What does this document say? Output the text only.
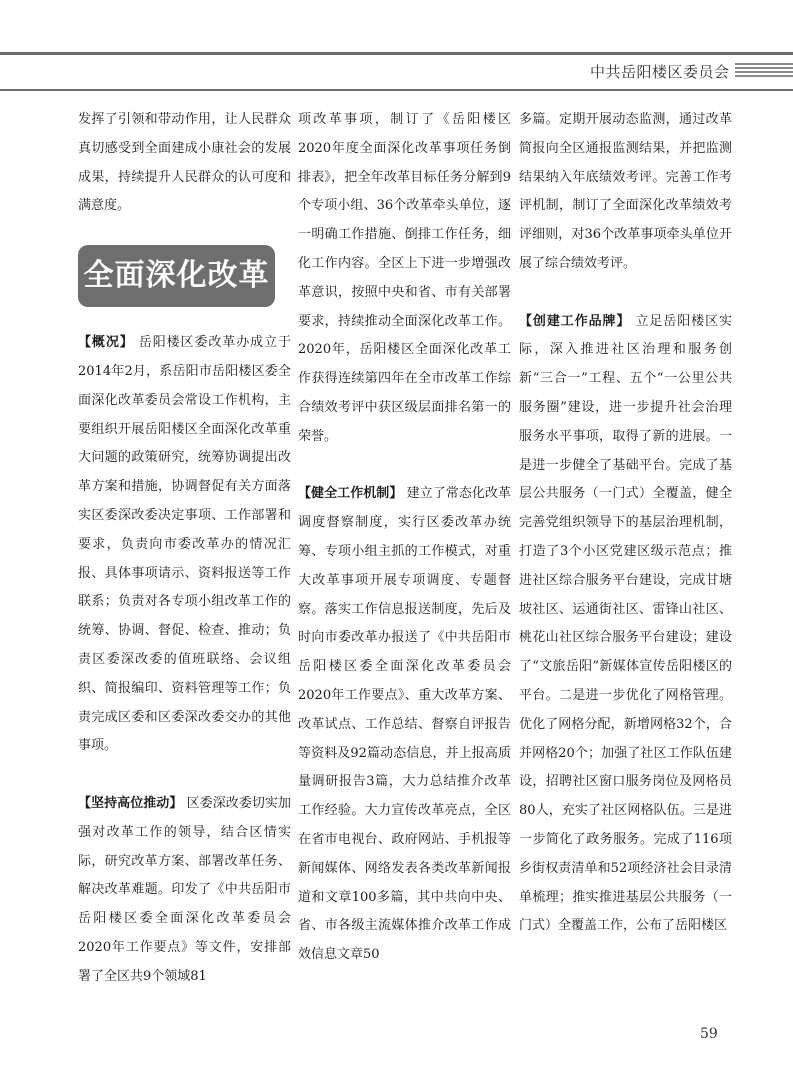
中共岳阳楼区委员会

发挥了引领和带动作用，让人民群众真切感受到全面建成小康社会的发展成果，持续提升人民群众的认可度和满意度。

全面深化改革

【概况】 岳阳楼区委改革办成立于2014年2月，系岳阳市岳阳楼区委全面深化改革委员会常设工作机构，主要组织开展岳阳楼区全面深化改革重大问题的政策研究，统筹协调提出改革方案和措施，协调督促有关方面落实区委深改委决定事项、工作部署和要求，负责向市委改革办的情况汇报、具体事项请示、资料报送等工作联系；负责对各专项小组改革工作的统筹、协调、督促、检查、推动；负责区委深改委的值班联络、会议组织、简报编印、资料管理等工作；负责完成区委和区委深改委交办的其他事项。

【坚持高位推动】 区委深改委切实加强对改革工作的领导，结合区情实际，研究改革方案、部署改革任务、解决改革难题。印发了《中共岳阳市岳阳楼区委全面深化改革委员会2020年工作要点》等文件，安排部署了全区共9个领域81

项改革事项，制订了《岳阳楼区2020年度全面深化改革事项任务倒排表》，把全年改革目标任务分解到9个专项小组、36个改革牵头单位，逐一明确工作措施、倒排工作任务，细化工作内容。全区上下进一步增强改革意识，按照中央和省、市有关部署要求，持续推动全面深化改革工作。2020年，岳阳楼区全面深化改革工作获得连续第四年在全市改革工作综合绩效考评中获区级层面排名第一的荣誉。

【健全工作机制】 建立了常态化改革调度督察制度，实行区委改革办统筹、专项小组主抓的工作模式，对重大改革事项开展专项调度、专题督察。落实工作信息报送制度，先后及时向市委改革办报送了《中共岳阳市岳阳楼区委全面深化改革委员会2020年工作要点》、重大改革方案、改革试点、工作总结、督察自评报告等资料及92篇动态信息，并上报高质量调研报告3篇，大力总结推介改革工作经验。大力宣传改革亮点，全区在省市电视台、政府网站、手机报等新闻媒体、网络发表各类改革新闻报道和文章100多篇，其中共向中央、省、市各级主流媒体推介改革工作成效信息文章50

多篇。定期开展动态监测，通过改革简报向全区通报监测结果，并把监测结果纳入年底绩效考评。完善工作考评机制，制订了全面深化改革绩效考评细则，对36个改革事项牵头单位开展了综合绩效考评。

【创建工作品牌】 立足岳阳楼区实际，深入推进社区治理和服务创新“三合一”工程、五个“一公里公共服务圈”建设，进一步提升社会治理服务水平事项，取得了新的进展。一是进一步健全了基础平台。完成了基层公共服务（一门式）全覆盖，健全完善党组织领导下的基层治理机制，打造了3个小区党建区级示范点；推进社区综合服务平台建设，完成甘塘坡社区、运通街社区、雷锋山社区、桃花山社区综合服务平台建设；建设了“文旅岳阳”新媒体宣传岳阳楼区的平台。二是进一步优化了网格管理。优化了网格分配，新增网格32个，合并网格20个；加强了社区工作队伍建设，招聘社区窗口服务岗位及网格员80人，充实了社区网格队伍。三是进一步简化了政务服务。完成了116项乡街权责清单和52项经济社会目录清单梳理；推实推进基层公共服务（一门式）全覆盖工作，公布了岳阳楼区

59
